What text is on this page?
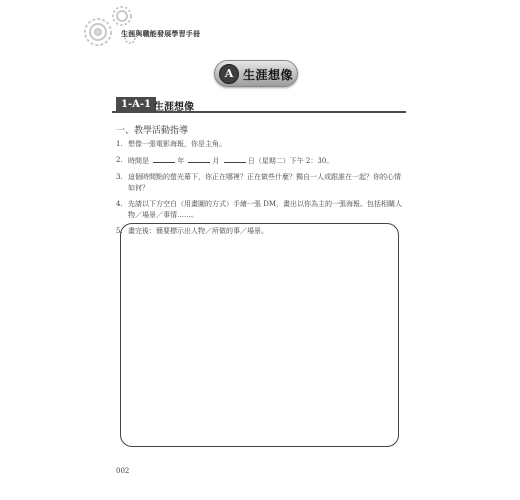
生涯與職能發展學習手冊
A 生涯想像
1-A-1 生涯想像
一、教學活動指導
1. 想像一張電影海報，你是主角。
2. 時間是	年	月	日（星期二）下午 2：30。
3. 這個時間點的螢光幕下，你正在哪裡？正在做些什麼？獨自一人或跟誰在一起？你的心情如何？
4. 先請以下方空白（用畫圖的方式）手繪一張 DM，畫出以你為主的一張海報。包括相關人物／場景／事情……。
5. 畫完後：簡要標示出人物／所做的事／場景。
002
